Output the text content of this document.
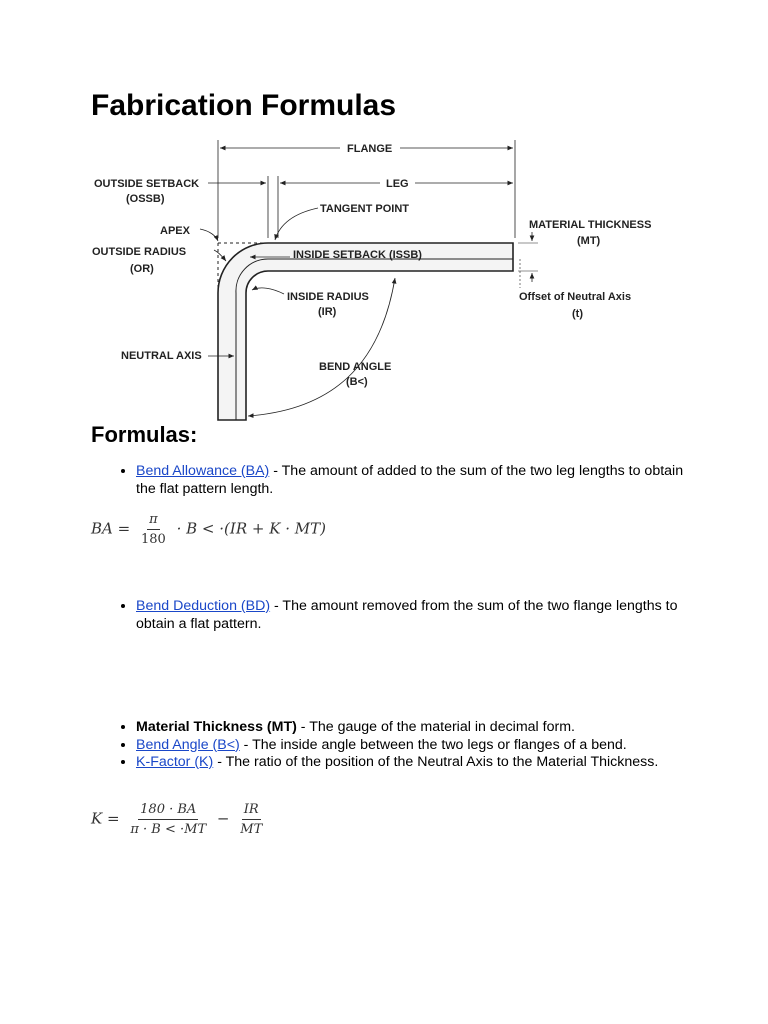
Fabrication Formulas
FLANGE
LEG
OUTSIDE SETBACK
(OSSB)
TANGENT POINT
APEX
OUTSIDE RADIUS
(OR)
INSIDE SETBACK (ISSB)
MATERIAL THICKNESS
(MT)
Offset of Neutral Axis
(t)
INSIDE RADIUS
(IR)
NEUTRAL AXIS
BEND ANGLE
(B<)
Formulas:
• Bend Allowance (BA) - The amount of added to the sum of the two leg lengths to obtain the flat pattern length.
BA = $\frac{\pi}{180} \cdot B < \cdot(IR + K \cdot MT)$
• Bend Deduction (BD) - The amount removed from the sum of the two flange lengths to obtain a flat pattern.
• Material Thickness (MT) - The gauge of the material in decimal form.
• Bend Angle (B<) - The inside angle between the two legs or flanges of a bend.
• K-Factor (K) - The ratio of the position of the Neutral Axis to the Material Thickness.
$K = \frac{180 \cdot BA}{\pi \cdot B < \cdot MT} - \frac{IR}{MT}$
